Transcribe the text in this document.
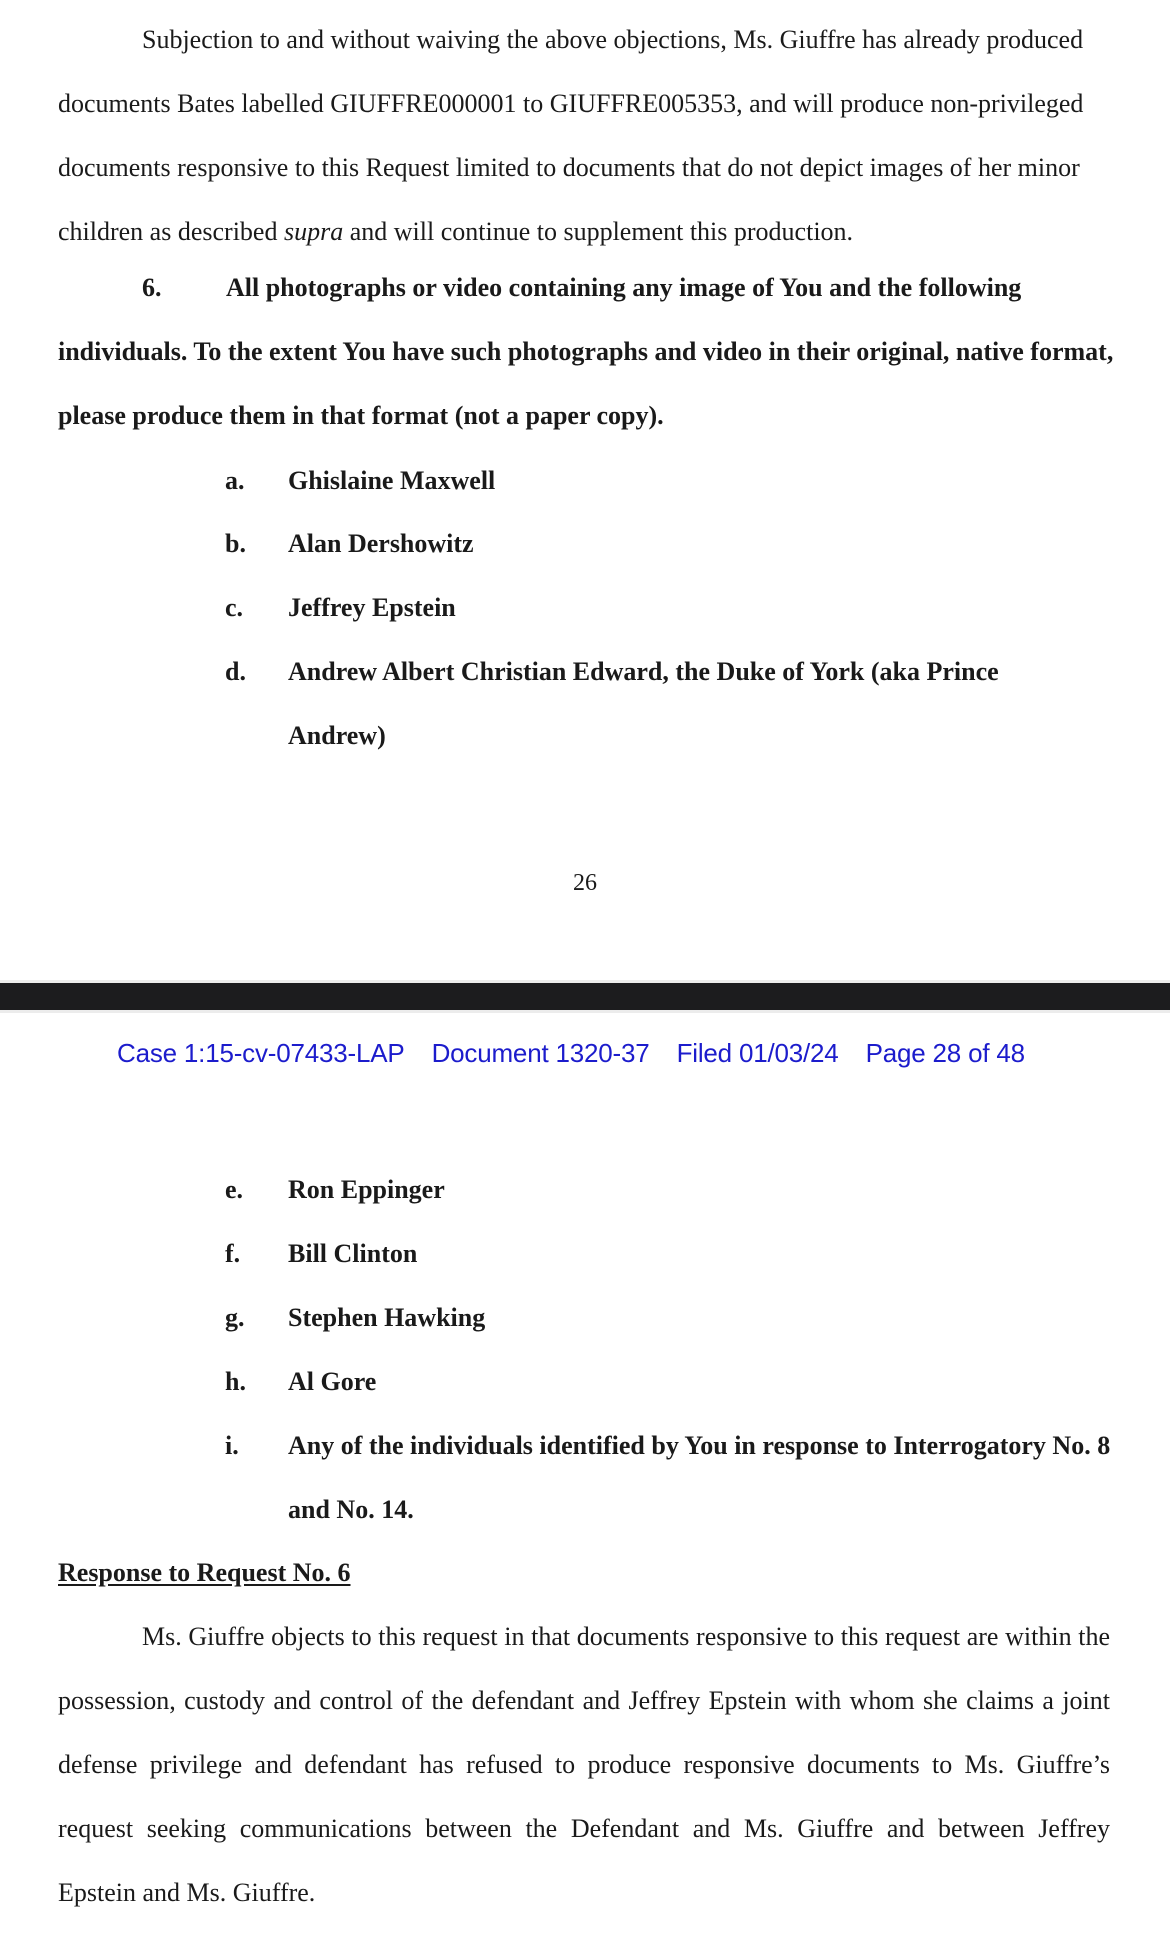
Subjection to and without waiving the above objections, Ms. Giuffre has already produced documents Bates labelled GIUFFRE000001 to GIUFFRE005353, and will produce non-privileged documents responsive to this Request limited to documents that do not depict images of her minor children as described supra and will continue to supplement this production.
6.	All photographs or video containing any image of You and the following individuals. To the extent You have such photographs and video in their original, native format, please produce them in that format (not a paper copy).
a. Ghislaine Maxwell
b. Alan Dershowitz
c. Jeffrey Epstein
d. Andrew Albert Christian Edward, the Duke of York (aka Prince Andrew)
26
Case 1:15-cv-07433-LAP Document 1320-37 Filed 01/03/24 Page 28 of 48
e. Ron Eppinger
f. Bill Clinton
g. Stephen Hawking
h. Al Gore
i. Any of the individuals identified by You in response to Interrogatory No. 8 and No. 14.
Response to Request No. 6
Ms. Giuffre objects to this request in that documents responsive to this request are within the possession, custody and control of the defendant and Jeffrey Epstein with whom she claims a joint defense privilege and defendant has refused to produce responsive documents to Ms. Giuffre’s request seeking communications between the Defendant and Ms. Giuffre and between Jeffrey Epstein and Ms. Giuffre.
